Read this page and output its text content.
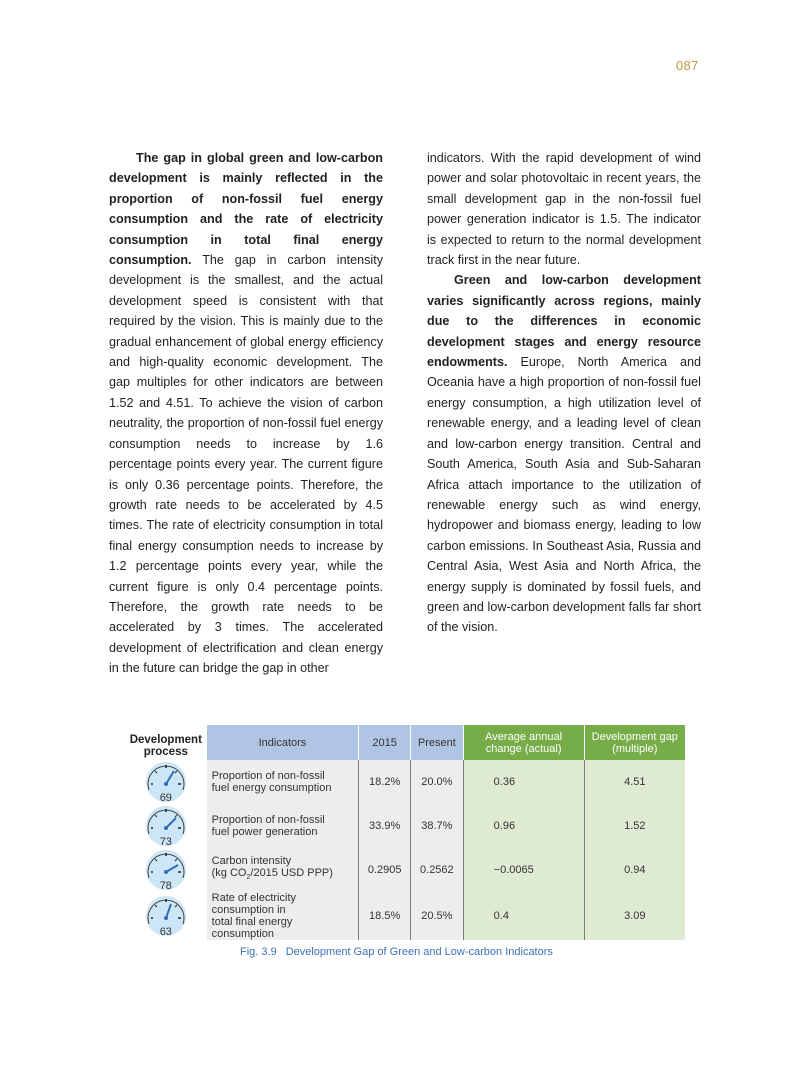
087

The gap in global green and low-carbon development is mainly reflected in the proportion of non-fossil fuel energy consumption and the rate of electricity consumption in total final energy consumption. The gap in carbon intensity development is the smallest, and the actual development speed is consistent with that required by the vision. This is mainly due to the gradual enhancement of global energy efficiency and high-quality economic development. The gap multiples for other indicators are between 1.52 and 4.51. To achieve the vision of carbon neutrality, the proportion of non-fossil fuel energy consumption needs to increase by 1.6 percentage points every year. The current figure is only 0.36 percentage points. Therefore, the growth rate needs to be accelerated by 4.5 times. The rate of electricity consumption in total final energy consumption needs to increase by 1.2 percentage points every year, while the current figure is only 0.4 percentage points. Therefore, the growth rate needs to be accelerated by 3 times. The accelerated development of electrification and clean energy in the future can bridge the gap in other

indicators. With the rapid development of wind power and solar photovoltaic in recent years, the small development gap in the non-fossil fuel power generation indicator is 1.5. The indicator is expected to return to the normal development track first in the near future.

Green and low-carbon development varies significantly across regions, mainly due to the differences in economic development stages and energy resource endowments. Europe, North America and Oceania have a high proportion of non-fossil fuel energy consumption, a high utilization level of renewable energy, and a leading level of clean and low-carbon energy transition. Central and South America, South Asia and Sub-Saharan Africa attach importance to the utilization of renewable energy such as wind energy, hydropower and biomass energy, leading to low carbon emissions. In Southeast Asia, Russia and Central Asia, West Asia and North Africa, the energy supply is dominated by fossil fuels, and green and low-carbon development falls far short of the vision.

Development process	Indicators	2015	Present	Average annual change (actual)	Development gap (multiple)

69	Proportion of non-fossil
fuel energy consumption	18.2%	20.0%	0.36	4.51

73	Proportion of non-fossil
fuel power generation	33.9%	38.7%	0.96	1.52

78	Carbon intensity
(kg $CO_2/2015$ USD PPP)	0.2905	0.2562	−0.0065	0.94

63	Rate of electricity consumption in
total final energy consumption	18.5%	20.5%	0.4	3.09
Fig. 3.9 Development Gap of Green and Low-carbon Indicators
